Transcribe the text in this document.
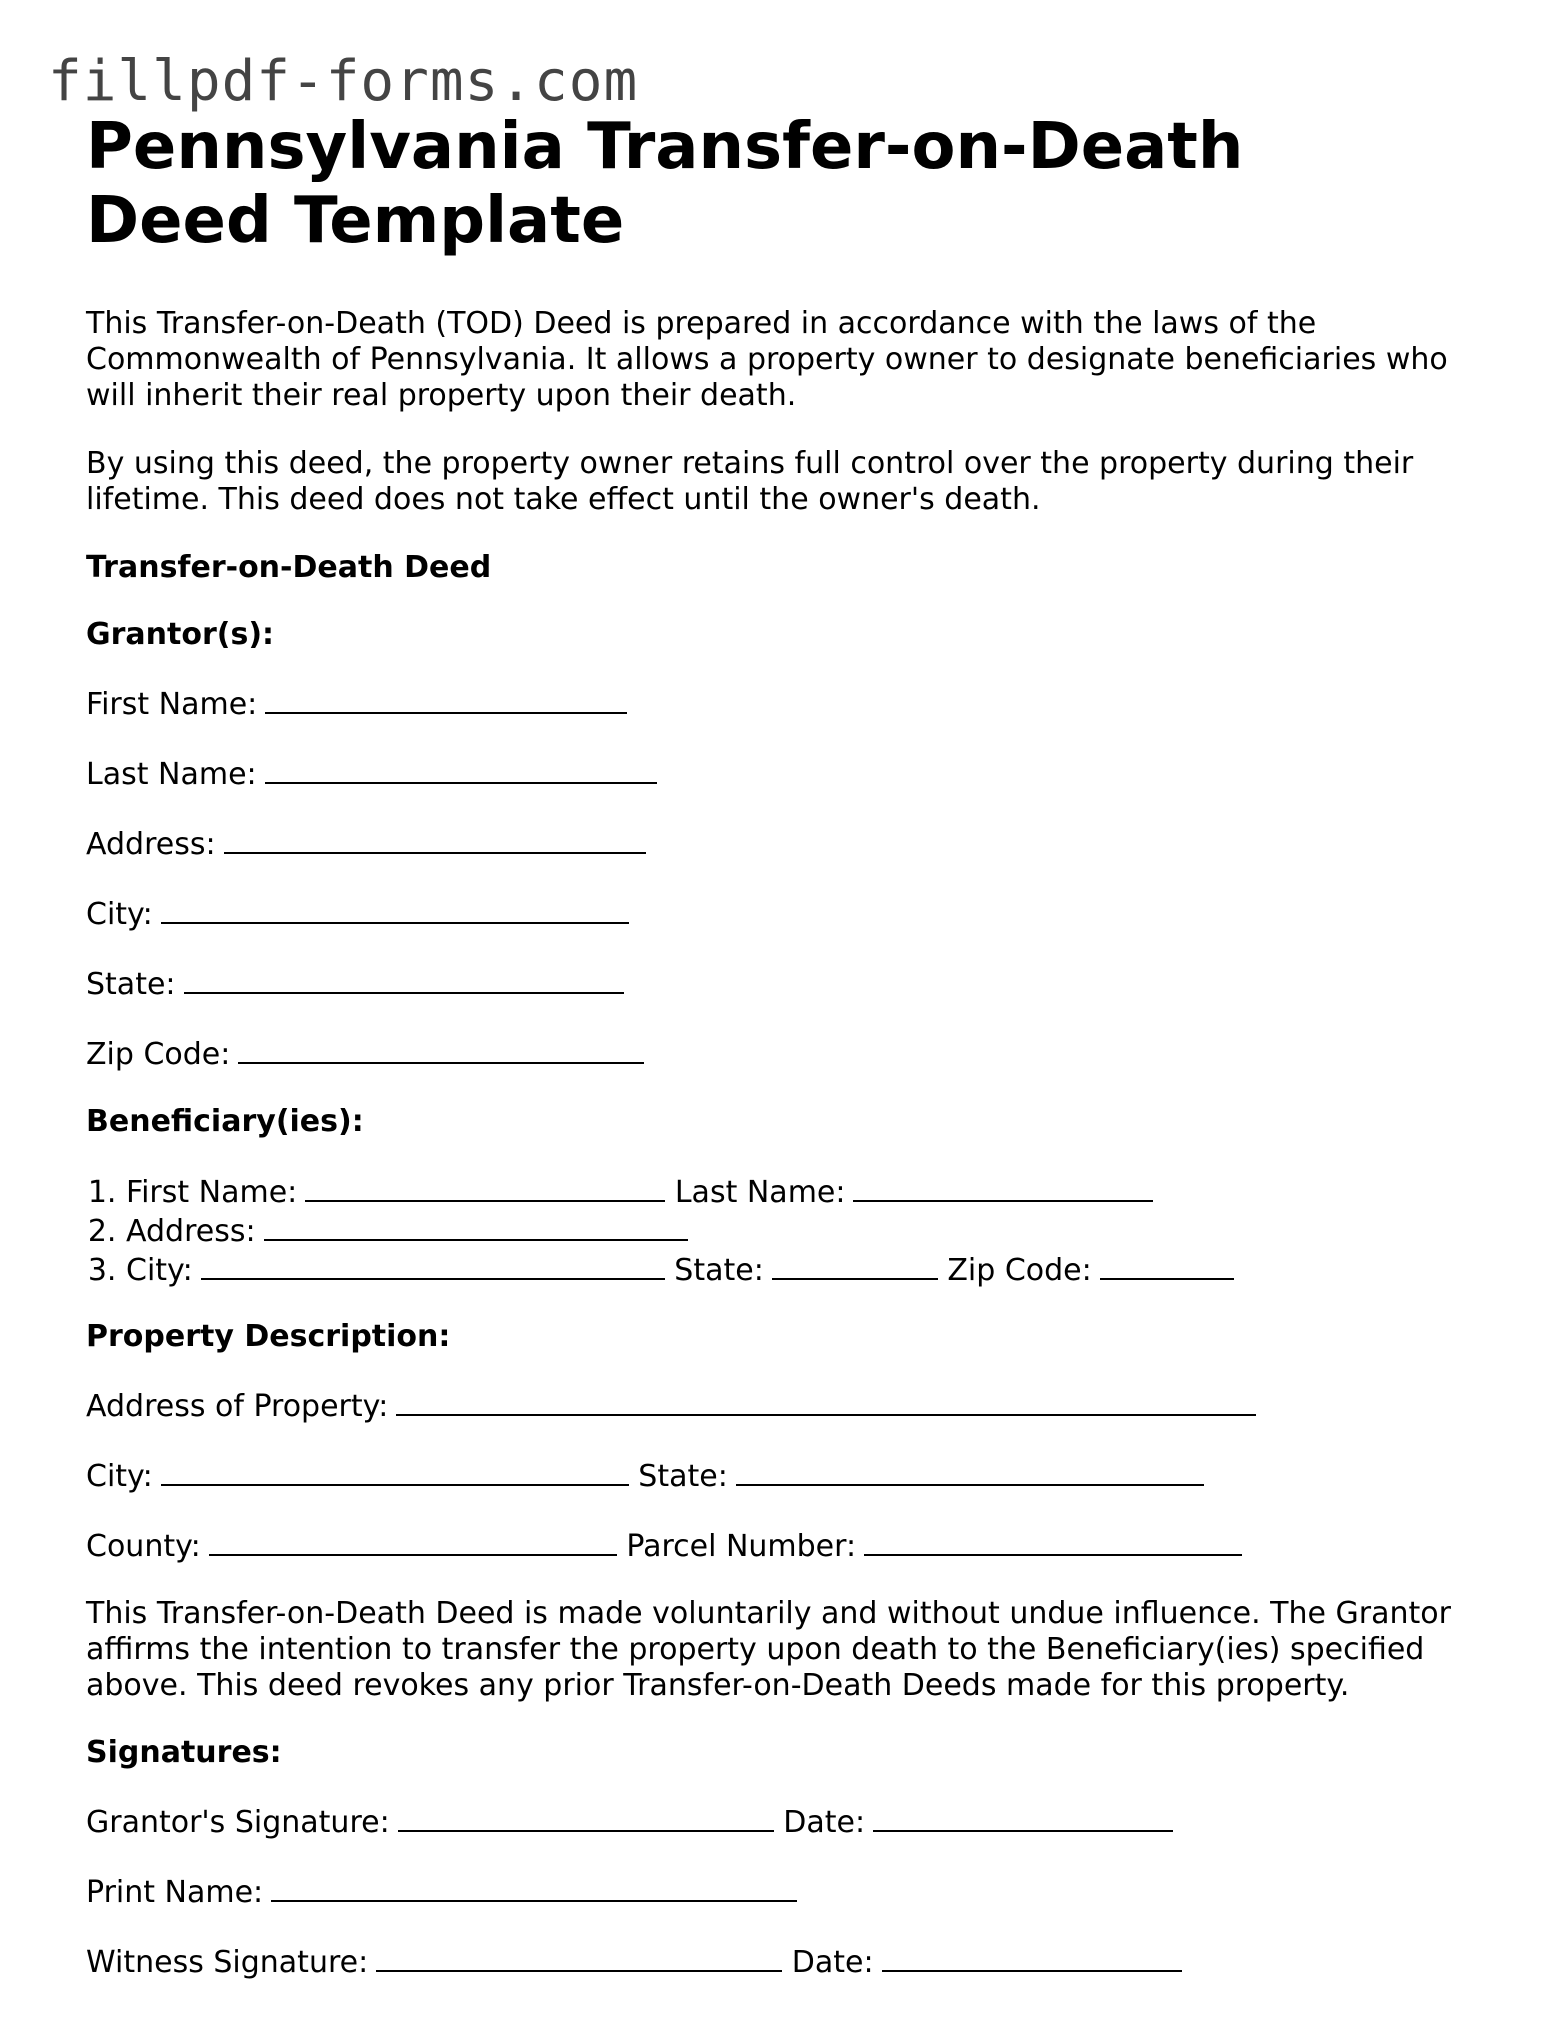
fillpdf-forms.com
Pennsylvania Transfer-on-Death Deed Template

This Transfer-on-Death (TOD) Deed is prepared in accordance with the laws of the Commonwealth of Pennsylvania. It allows a property owner to designate beneficiaries who will inherit their real property upon their death.

By using this deed, the property owner retains full control over the property during their lifetime. This deed does not take effect until the owner's death.

Transfer-on-Death Deed

Grantor(s):

First Name:

Last Name:

Address:

City:

State:

Zip Code:

Beneficiary(ies):

1. First Name:	Last Name:
2. Address:
3. City:	State:	Zip Code:

Property Description:

Address of Property:

City:	State:

County:	Parcel Number:

This Transfer-on-Death Deed is made voluntarily and without undue influence. The Grantor affirms the intention to transfer the property upon death to the Beneficiary(ies) specified above. This deed revokes any prior Transfer-on-Death Deeds made for this property.

Signatures:

Grantor's Signature:	Date:

Print Name:

Witness Signature:	Date:
